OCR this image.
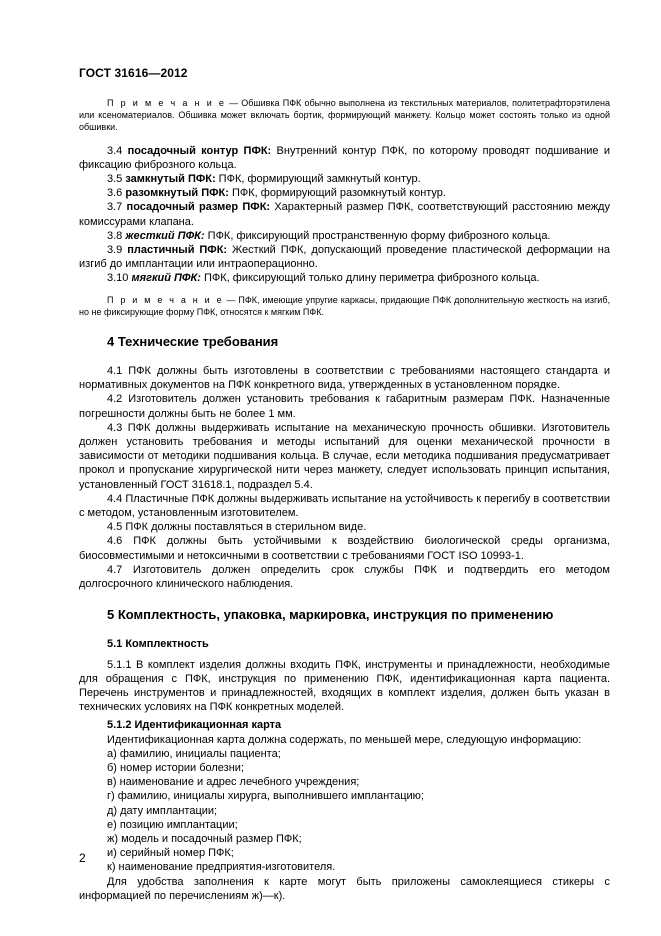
ГОСТ 31616—2012

П р и м е ч а н и е — Обшивка ПФК обычно выполнена из текстильных материалов, политетрафторэтилена или ксеноматериалов. Обшивка может включать бортик, формирующий манжету. Кольцо может состоять только из одной обшивки.

3.4 посадочный контур ПФК: Внутренний контур ПФК, по которому проводят подшивание и фиксацию фиброзного кольца.

3.5 замкнутый ПФК: ПФК, формирующий замкнутый контур.

3.6 разомкнутый ПФК: ПФК, формирующий разомкнутый контур.

3.7 посадочный размер ПФК: Характерный размер ПФК, соответствующий расстоянию между комиссурами клапана.

3.8 жесткий ПФК: ПФК, фиксирующий пространственную форму фиброзного кольца.

3.9 пластичный ПФК: Жесткий ПФК, допускающий проведение пластической деформации на изгиб до имплантации или интраоперационно.

3.10 мягкий ПФК: ПФК, фиксирующий только длину периметра фиброзного кольца.

П р и м е ч а н и е — ПФК, имеющие упругие каркасы, придающие ПФК дополнительную жесткость на изгиб, но не фиксирующие форму ПФК, относятся к мягким ПФК.

4 Технические требования

4.1 ПФК должны быть изготовлены в соответствии с требованиями настоящего стандарта и нормативных документов на ПФК конкретного вида, утвержденных в установленном порядке.

4.2 Изготовитель должен установить требования к габаритным размерам ПФК. Назначенные погрешности должны быть не более 1 мм.

4.3 ПФК должны выдерживать испытание на механическую прочность обшивки. Изготовитель должен установить требования и методы испытаний для оценки механической прочности в зависимости от методики подшивания кольца. В случае, если методика подшивания предусматривает прокол и пропускание хирургической нити через манжету, следует использовать принцип испытания, установленный ГОСТ 31618.1, подраздел 5.4.

4.4 Пластичные ПФК должны выдерживать испытание на устойчивость к перегибу в соответствии с методом, установленным изготовителем.

4.5 ПФК должны поставляться в стерильном виде.

4.6 ПФК должны быть устойчивыми к воздействию биологической среды организма, биосовместимыми и нетоксичными в соответствии с требованиями ГОСТ ISO 10993-1.

4.7 Изготовитель должен определить срок службы ПФК и подтвердить его методом долгосрочного клинического наблюдения.

5 Комплектность, упаковка, маркировка, инструкция по применению

5.1 Комплектность

5.1.1 В комплект изделия должны входить ПФК, инструменты и принадлежности, необходимые для обращения с ПФК, инструкция по применению ПФК, идентификационная карта пациента. Перечень инструментов и принадлежностей, входящих в комплект изделия, должен быть указан в технических условиях на ПФК конкретных моделей.

5.1.2 Идентификационная карта

Идентификационная карта должна содержать, по меньшей мере, следующую информацию:

а) фамилию, инициалы пациента;

б) номер истории болезни;

в) наименование и адрес лечебного учреждения;

г) фамилию, инициалы хирурга, выполнившего имплантацию;

д) дату имплантации;

е) позицию имплантации;

ж) модель и посадочный размер ПФК;

и) серийный номер ПФК;

к) наименование предприятия-изготовителя.

Для удобства заполнения к карте могут быть приложены самоклеящиеся стикеры с информацией по перечислениям ж)—к).

2
